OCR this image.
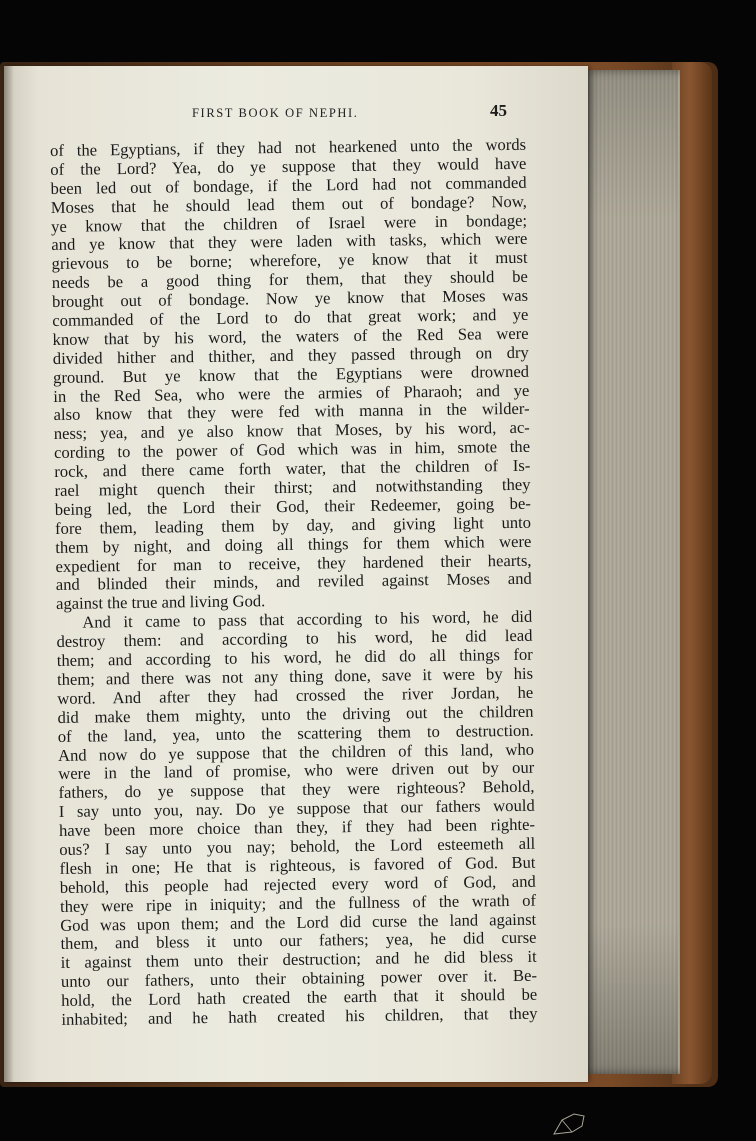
FIRST BOOK OF NEPHI.	45
of the Egyptians, if they had not hearkened unto the words
of the Lord? Yea, do ye suppose that they would have
been led out of bondage, if the Lord had not commanded
Moses that he should lead them out of bondage? Now,
ye know that the children of Israel were in bondage;
and ye know that they were laden with tasks, which were
grievous to be borne; wherefore, ye know that it must
needs be a good thing for them, that they should be
brought out of bondage. Now ye know that Moses was
commanded of the Lord to do that great work; and ye
know that by his word, the waters of the Red Sea were
divided hither and thither, and they passed through on dry
ground. But ye know that the Egyptians were drowned
in the Red Sea, who were the armies of Pharaoh; and ye
also know that they were fed with manna in the wilder-
ness; yea, and ye also know that Moses, by his word, ac-
cording to the power of God which was in him, smote the
rock, and there came forth water, that the children of Is-
rael might quench their thirst; and notwithstanding they
being led, the Lord their God, their Redeemer, going be-
fore them, leading them by day, and giving light unto
them by night, and doing all things for them which were
expedient for man to receive, they hardened their hearts,
and blinded their minds, and reviled against Moses and
against the true and living God.
And it came to pass that according to his word, he did
destroy them: and according to his word, he did lead
them; and according to his word, he did do all things for
them; and there was not any thing done, save it were by his
word. And after they had crossed the river Jordan, he
did make them mighty, unto the driving out the children
of the land, yea, unto the scattering them to destruction.
And now do ye suppose that the children of this land, who
were in the land of promise, who were driven out by our
fathers, do ye suppose that they were righteous? Behold,
I say unto you, nay. Do ye suppose that our fathers would
have been more choice than they, if they had been righte-
ous? I say unto you nay; behold, the Lord esteemeth all
flesh in one; He that is righteous, is favored of God. But
behold, this people had rejected every word of God, and
they were ripe in iniquity; and the fullness of the wrath of
God was upon them; and the Lord did curse the land against
them, and bless it unto our fathers; yea, he did curse
it against them unto their destruction; and he did bless it
unto our fathers, unto their obtaining power over it. Be-
hold, the Lord hath created the earth that it should be
inhabited; and he hath created his children, that they
